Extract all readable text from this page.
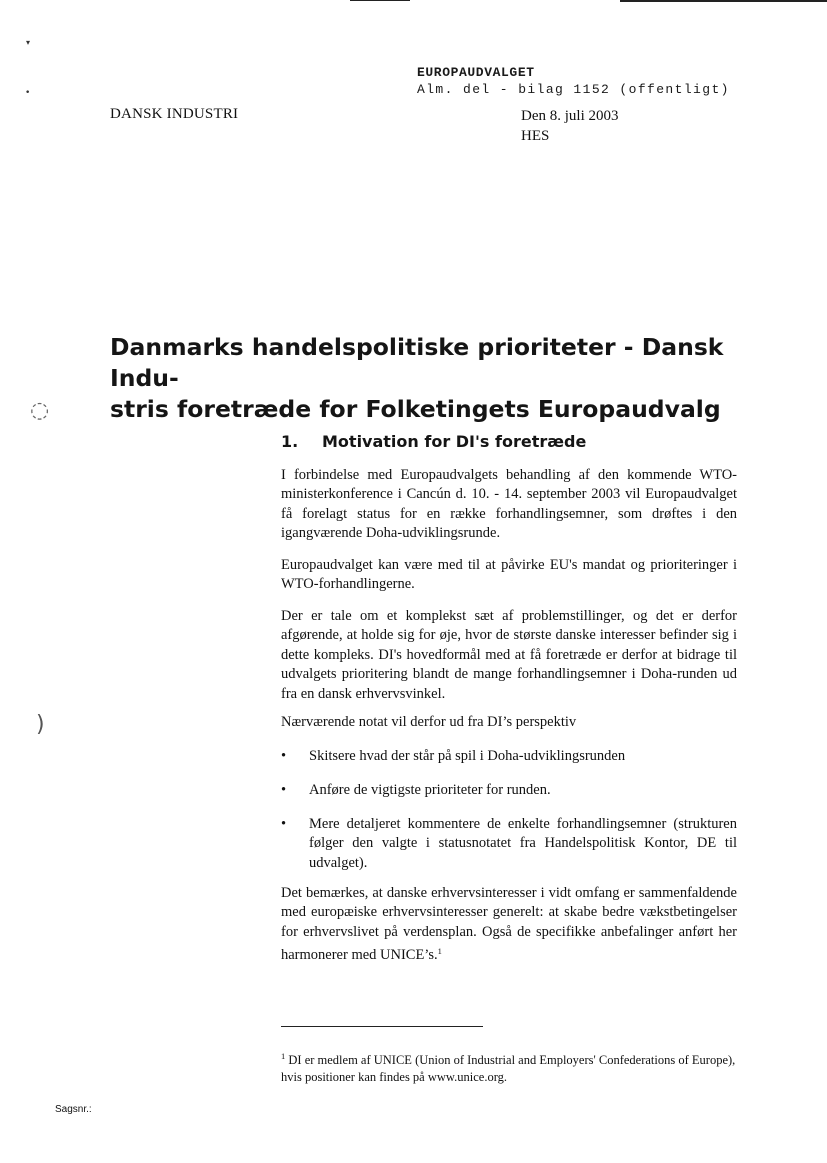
◌
)
▾
•
EUROPAUDVALGET
Alm. del - bilag 1152 (offentligt)
DANSK INDUSTRI	Den 8. juli 2003
HES
Danmarks handelspolitiske prioriteter - Dansk Indu-
stris foretræde for Folketingets Europaudvalg
1. Motivation for DI's foretræde

I forbindelse med Europaudvalgets behandling af den kommende WTO-ministerkonference i Cancún d. 10. - 14. september 2003 vil Europaudvalget få forelagt status for en række forhandlingsemner, som drøftes i den igangværende Doha-udviklingsrunde.

Europaudvalget kan være med til at påvirke EU's mandat og prioriteringer i WTO-forhandlingerne.

Der er tale om et komplekst sæt af problemstillinger, og det er derfor afgørende, at holde sig for øje, hvor de største danske interesser befinder sig i dette kompleks. DI's hovedformål med at få foretræde er derfor at bidrage til udvalgets prioritering blandt de mange forhandlingsemner i Doha-runden ud fra en dansk erhvervsvinkel.

Nærværende notat vil derfor ud fra DI’s perspektiv

•	Skitsere hvad der står på spil i Doha-udviklingsrunden
•	Anføre de vigtigste prioriteter for runden.
•	Mere detaljeret kommentere de enkelte forhandlingsemner (strukturen følger den valgte i statusnotatet fra Handelspolitisk Kontor, DE til udvalget).

Det bemærkes, at danske erhvervsinteresser i vidt omfang er sammenfaldende med europæiske erhvervsinteresser generelt: at skabe bedre vækstbetingelser for erhvervslivet på verdensplan. Også de specifikke anbefalinger anført her harmonerer med UNICE’s.$^1$

$^1$ DI er medlem af UNICE (Union of Industrial and Employers' Confederations of Europe), hvis positioner kan findes på www.unice.org.
Sagsnr.:
